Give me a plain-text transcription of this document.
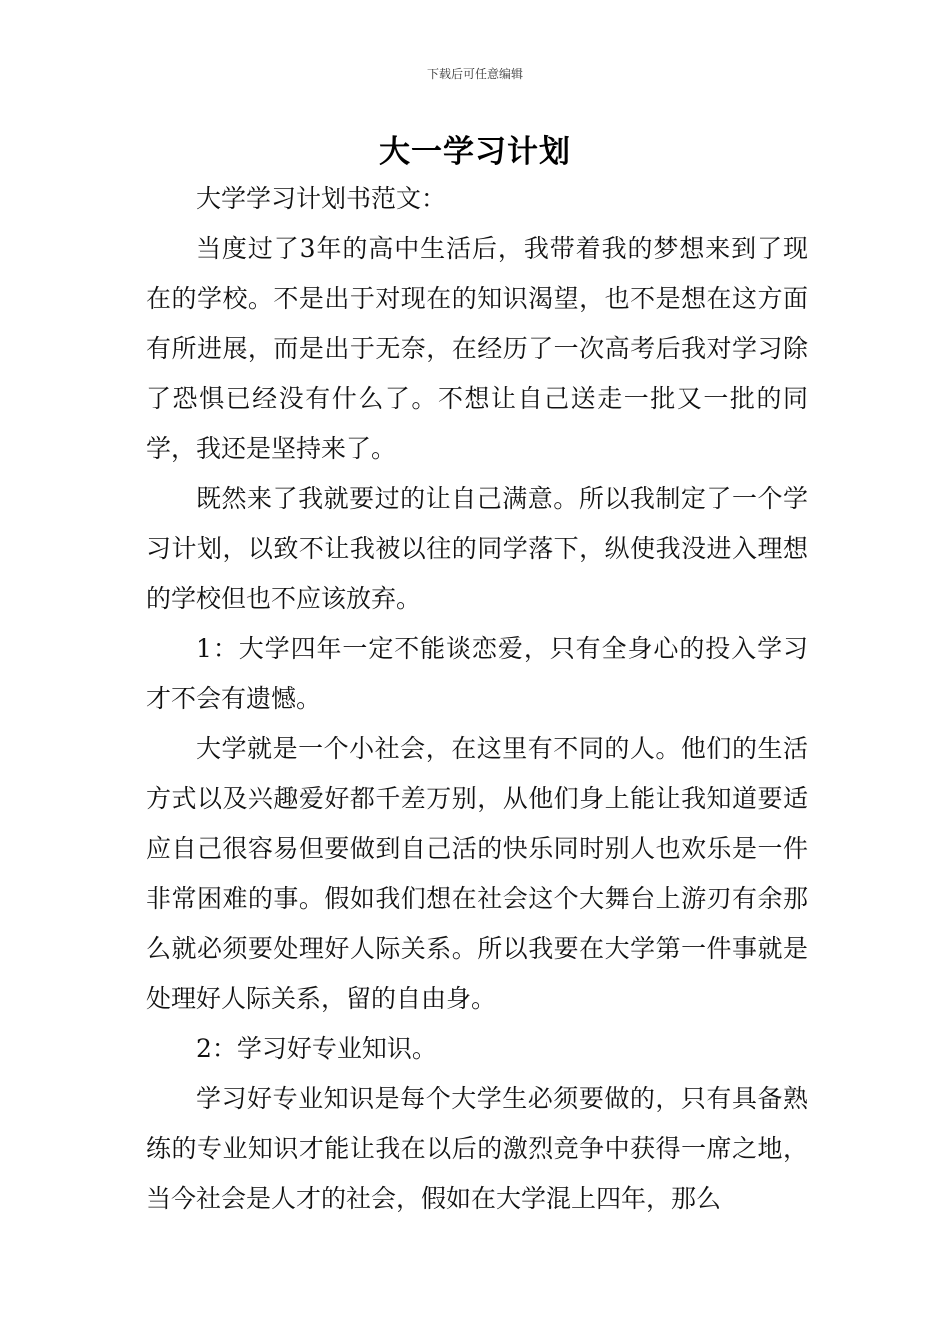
下载后可任意编辑
大一学习计划

大学学习计划书范文：

当度过了3年的高中生活后，我带着我的梦想来到了现在的学校。不是出于对现在的知识渴望，也不是想在这方面有所进展，而是出于无奈，在经历了一次高考后我对学习除了恐惧已经没有什么了。不想让自己送走一批又一批的同学，我还是坚持来了。

既然来了我就要过的让自己满意。所以我制定了一个学习计划，以致不让我被以往的同学落下，纵使我没进入理想的学校但也不应该放弃。

1：大学四年一定不能谈恋爱，只有全身心的投入学习才不会有遗憾。

大学就是一个小社会，在这里有不同的人。他们的生活方式以及兴趣爱好都千差万别，从他们身上能让我知道要适应自己很容易但要做到自己活的快乐同时别人也欢乐是一件非常困难的事。假如我们想在社会这个大舞台上游刃有余那么就必须要处理好人际关系。所以我要在大学第一件事就是处理好人际关系，留的自由身。

2：学习好专业知识。

学习好专业知识是每个大学生必须要做的，只有具备熟练的专业知识才能让我在以后的激烈竞争中获得一席之地，当今社会是人才的社会，假如在大学混上四年，那么
